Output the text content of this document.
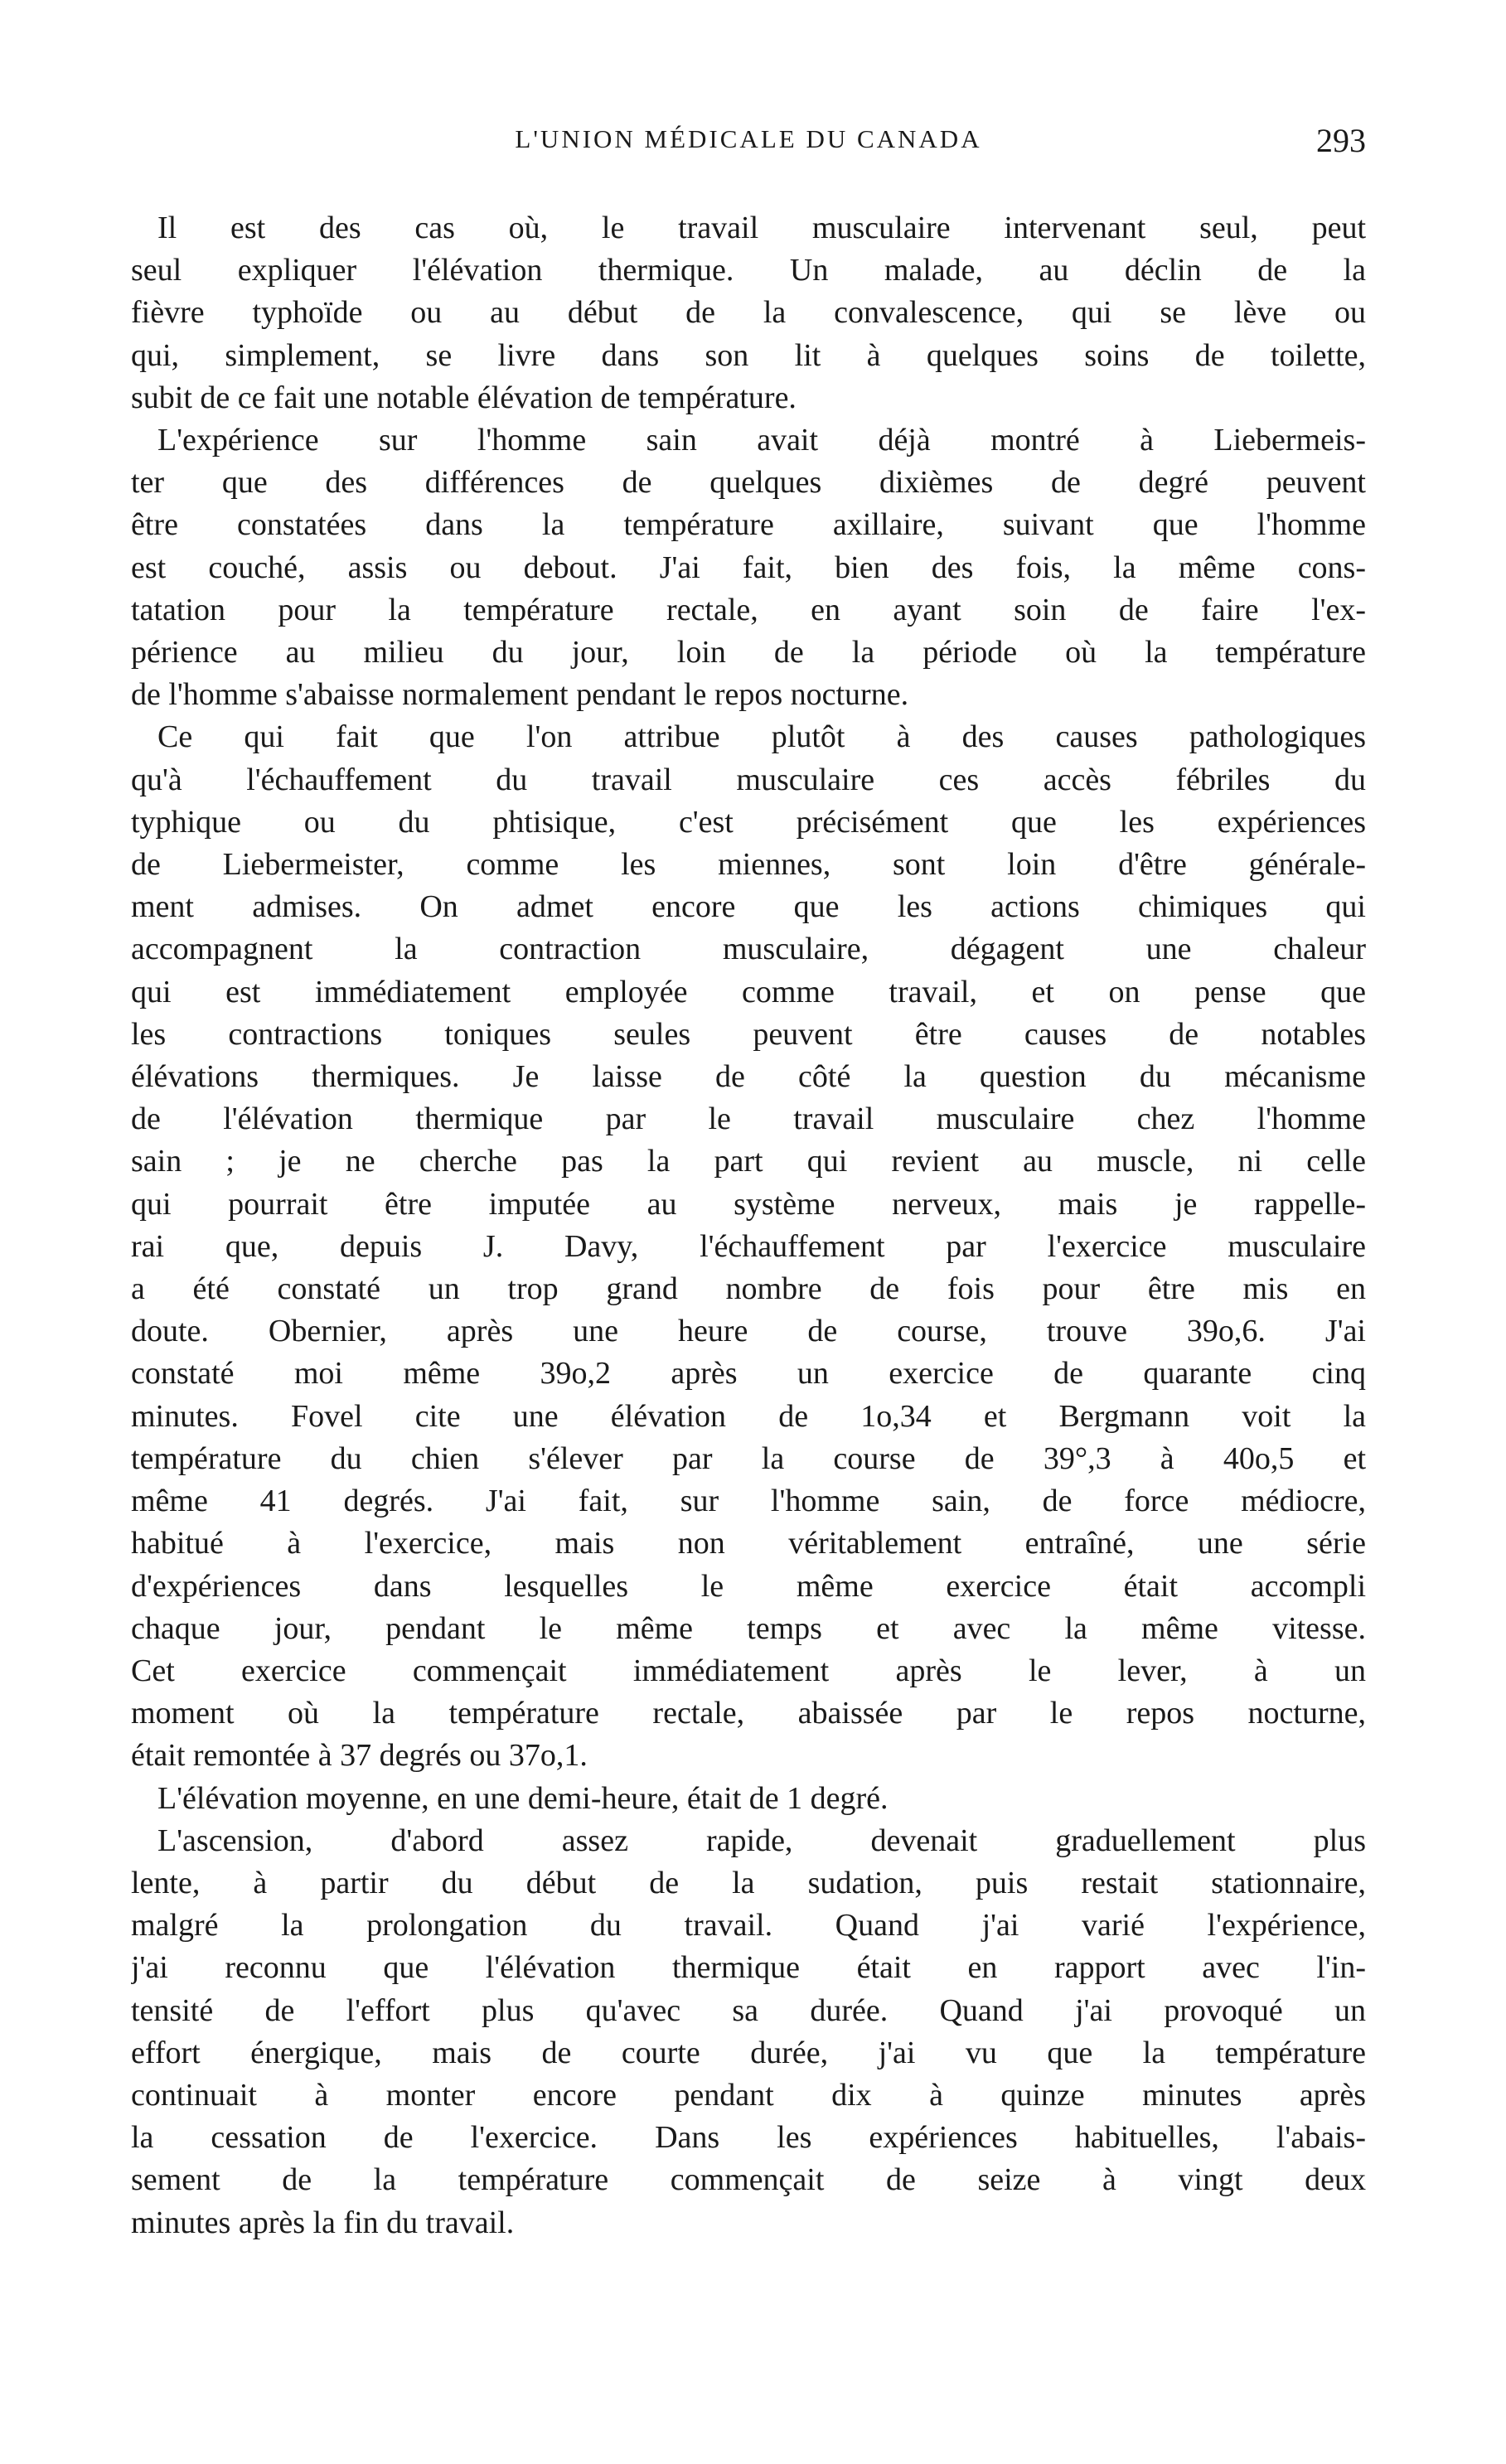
L'UNION MÉDICALE DU CANADA	293

Il est des cas où, le travail musculaire intervenant seul, peut
seul expliquer l'élévation thermique. Un malade, au déclin de la
fièvre typhoïde ou au début de la convalescence, qui se lève ou
qui, simplement, se livre dans son lit à quelques soins de toilette,
subit de ce fait une notable élévation de température.

L'expérience sur l'homme sain avait déjà montré à Liebermeis-
ter que des différences de quelques dixièmes de degré peuvent
être constatées dans la température axillaire, suivant que l'homme
est couché, assis ou debout. J'ai fait, bien des fois, la même cons-
tatation pour la température rectale, en ayant soin de faire l'ex-
périence au milieu du jour, loin de la période où la température
de l'homme s'abaisse normalement pendant le repos nocturne.

Ce qui fait que l'on attribue plutôt à des causes pathologiques
qu'à l'échauffement du travail musculaire ces accès fébriles du
typhique ou du phtisique, c'est précisément que les expériences
de Liebermeister, comme les miennes, sont loin d'être générale-
ment admises. On admet encore que les actions chimiques qui
accompagnent la contraction musculaire, dégagent une chaleur
qui est immédiatement employée comme travail, et on pense que
les contractions toniques seules peuvent être causes de notables
élévations thermiques. Je laisse de côté la question du mécanisme
de l'élévation thermique par le travail musculaire chez l'homme
sain ; je ne cherche pas la part qui revient au muscle, ni celle
qui pourrait être imputée au système nerveux, mais je rappelle-
rai que, depuis J. Davy, l'échauffement par l'exercice musculaire
a été constaté un trop grand nombre de fois pour être mis en
doute. Obernier, après une heure de course, trouve 39o,6. J'ai
constaté moi même 39o,2 après un exercice de quarante cinq
minutes. Fovel cite une élévation de 1o,34 et Bergmann voit la
température du chien s'élever par la course de 39°,3 à 40o,5 et
même 41 degrés. J'ai fait, sur l'homme sain, de force médiocre,
habitué à l'exercice, mais non véritablement entraîné, une série
d'expériences dans lesquelles le même exercice était accompli
chaque jour, pendant le même temps et avec la même vitesse.
Cet exercice commençait immédiatement après le lever, à un
moment où la température rectale, abaissée par le repos nocturne,
était remontée à 37 degrés ou 37o,1.

L'élévation moyenne, en une demi-heure, était de 1 degré.

L'ascension, d'abord assez rapide, devenait graduellement plus
lente, à partir du début de la sudation, puis restait stationnaire,
malgré la prolongation du travail. Quand j'ai varié l'expérience,
j'ai reconnu que l'élévation thermique était en rapport avec l'in-
tensité de l'effort plus qu'avec sa durée. Quand j'ai provoqué un
effort énergique, mais de courte durée, j'ai vu que la température
continuait à monter encore pendant dix à quinze minutes après
la cessation de l'exercice. Dans les expériences habituelles, l'abais-
sement de la température commençait de seize à vingt deux
minutes après la fin du travail.
